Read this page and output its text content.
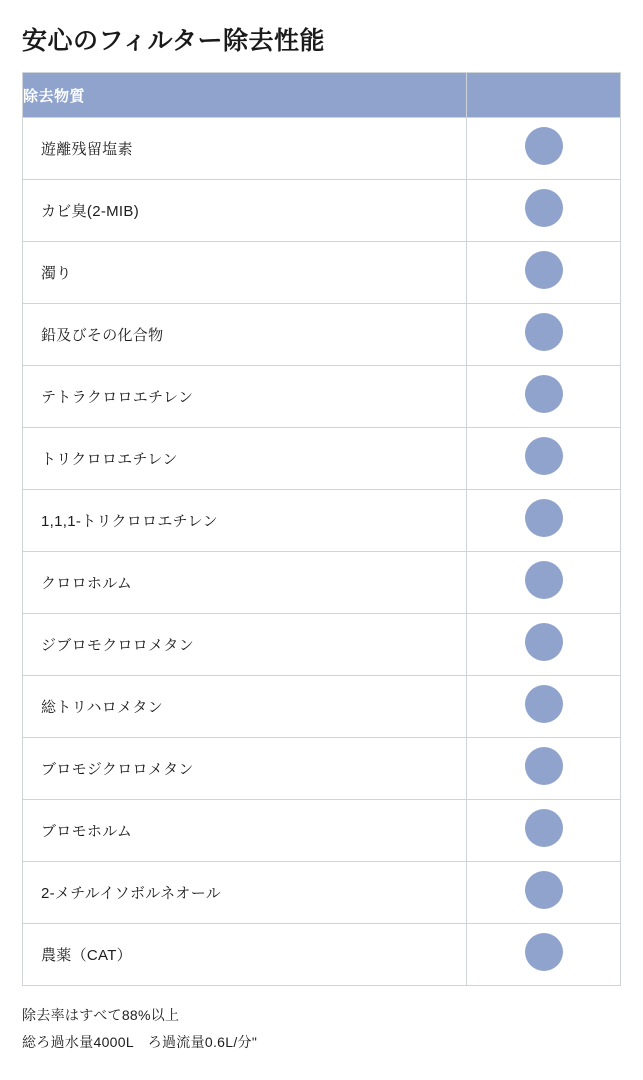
安心のフィルター除去性能
除去物質	
遊離残留塩素	
カビ臭(2-MIB)	
濁り	
鉛及びその化合物	
テトラクロロエチレン	
トリクロロエチレン	
1,1,1-トリクロロエチレン	
クロロホルム	
ジブロモクロロメタン	
総トリハロメタン	
ブロモジクロロメタン	
ブロモホルム	
2-メチルイソボルネオール	
農薬（CAT）	
除去率はすべて88%以上
総ろ過水量4000L　ろ過流量0.6L/分"
